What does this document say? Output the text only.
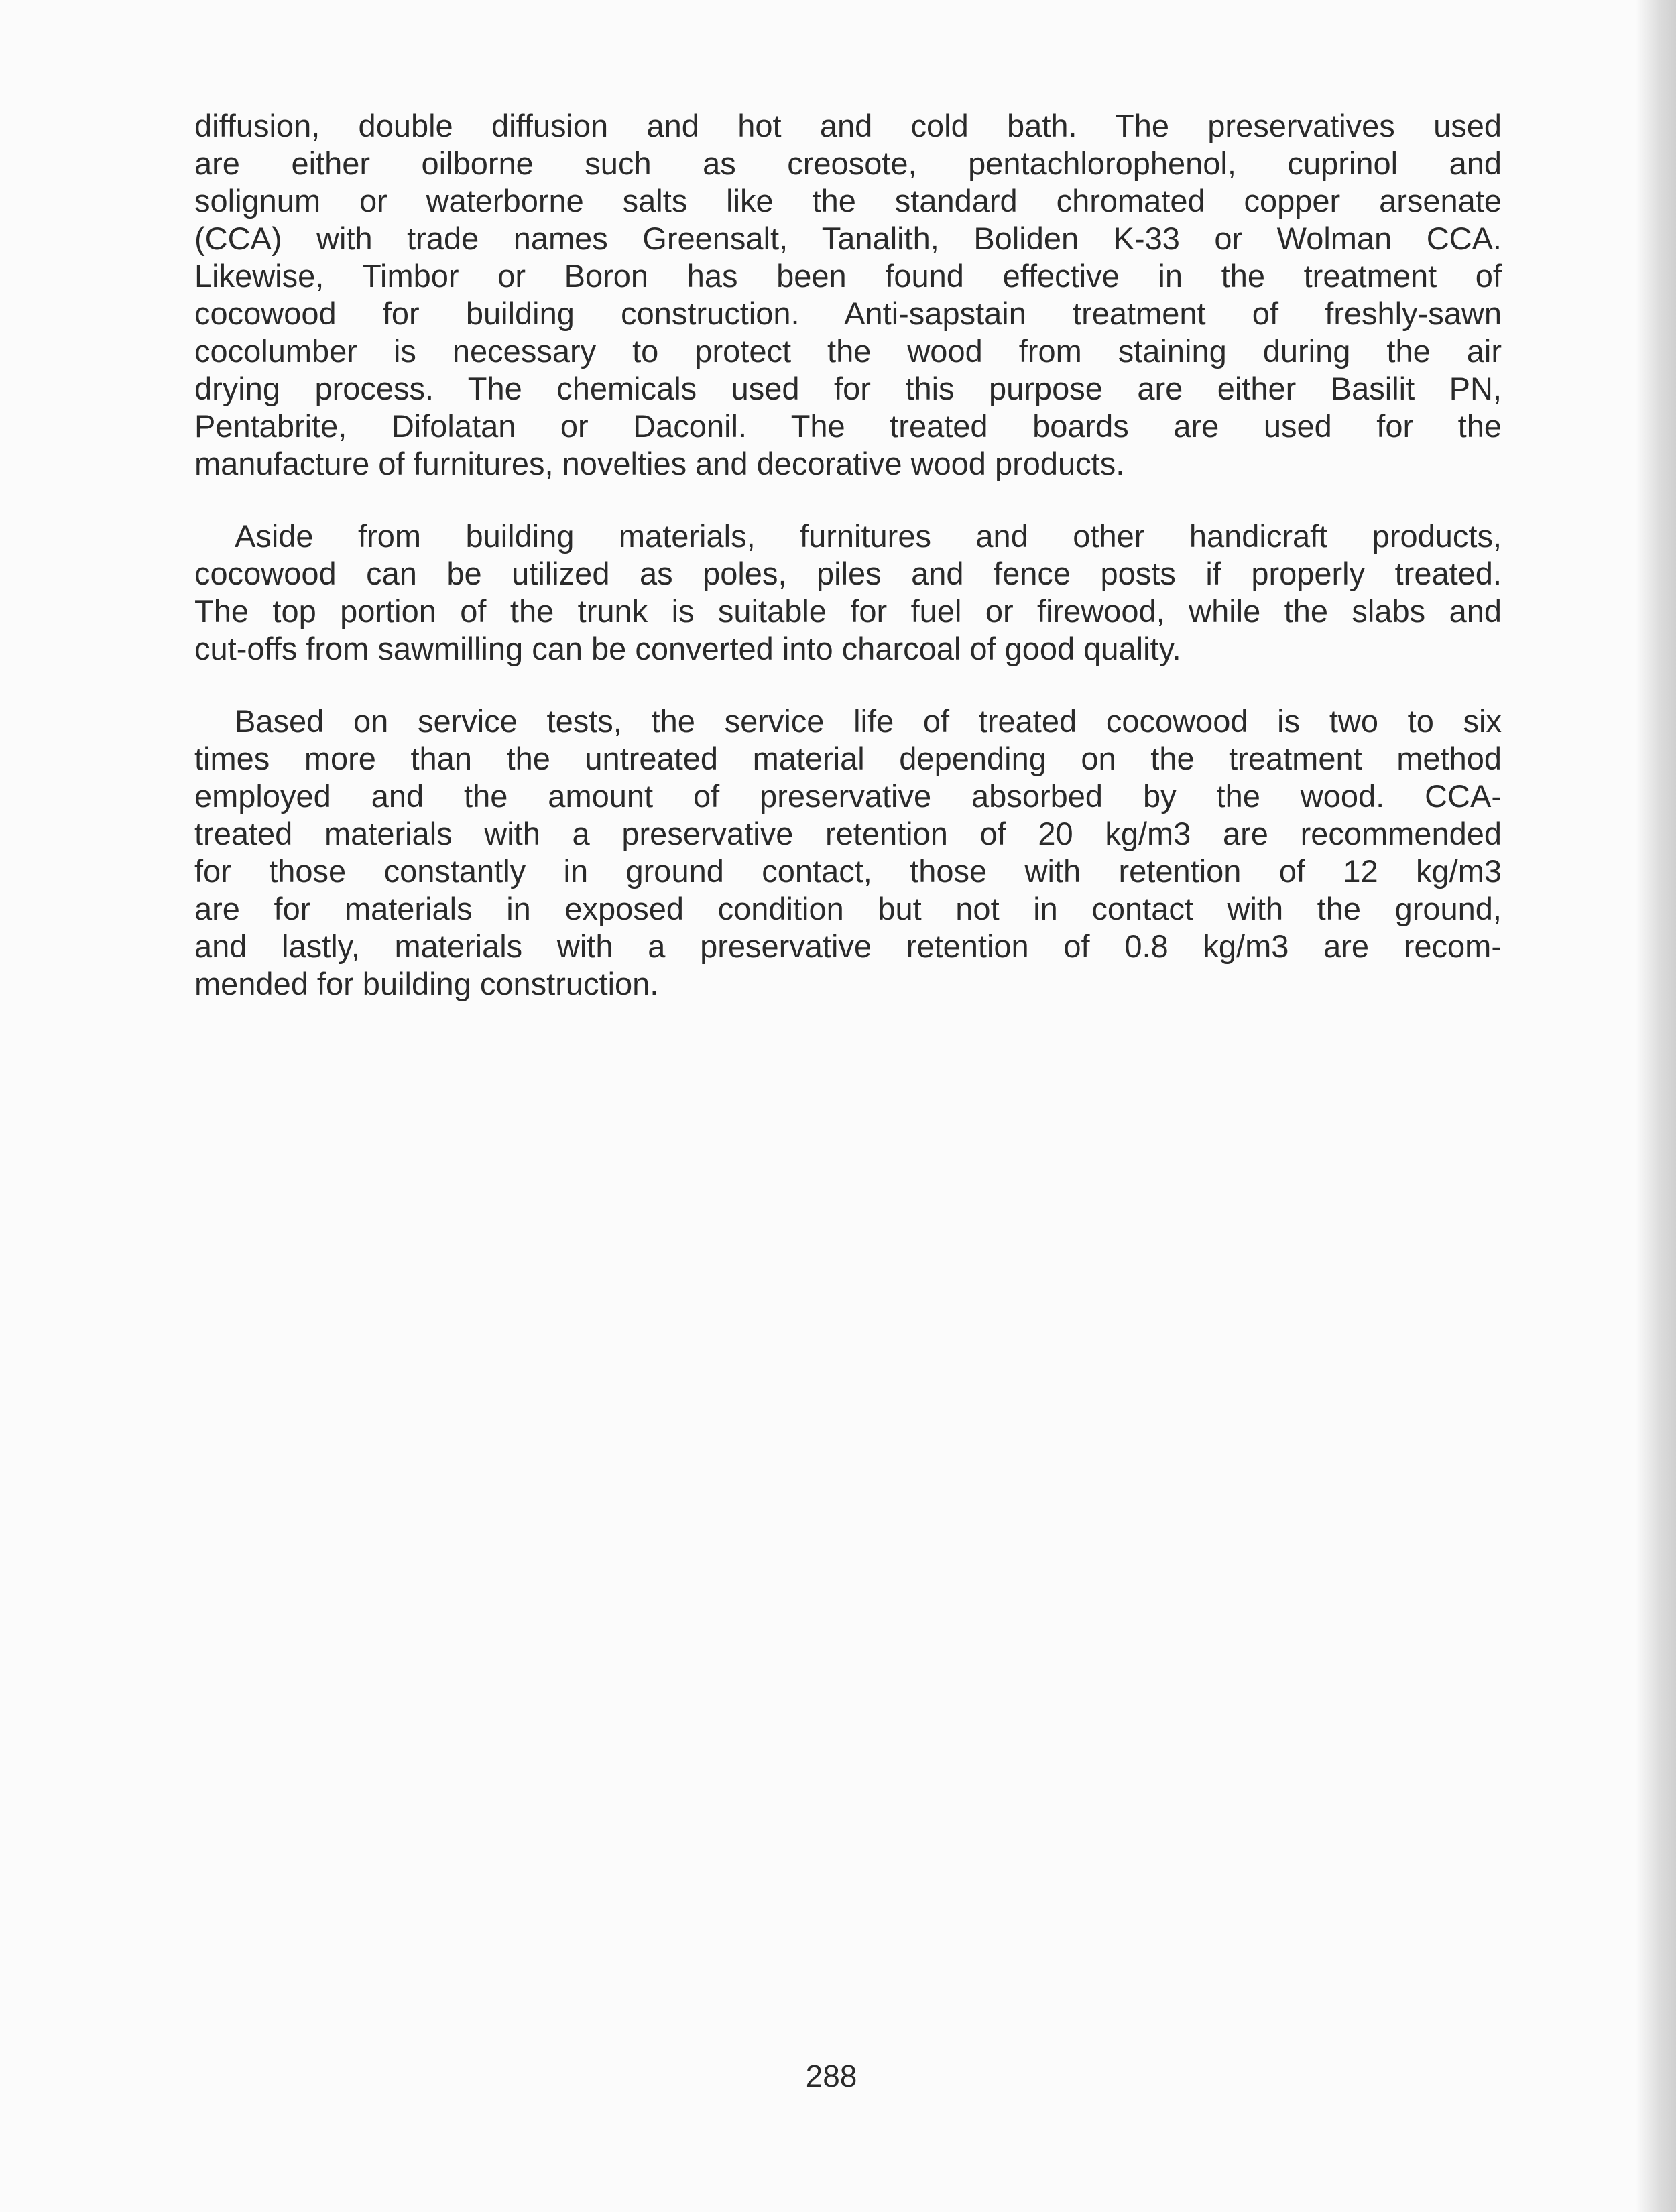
diffusion, double diffusion and hot and cold bath. The preservatives used
are either oilborne such as creosote, pentachlorophenol, cuprinol and
solignum or waterborne salts like the standard chromated copper arsenate
(CCA) with trade names Greensalt, Tanalith, Boliden K-33 or Wolman CCA.
Likewise, Timbor or Boron has been found effective in the treatment of
cocowood for building construction. Anti-sapstain treatment of freshly-sawn
cocolumber is necessary to protect the wood from staining during the air
drying process. The chemicals used for this purpose are either Basilit PN,
Pentabrite, Difolatan or Daconil. The treated boards are used for the
manufacture of furnitures, novelties and decorative wood products.
Aside from building materials, furnitures and other handicraft products,
cocowood can be utilized as poles, piles and fence posts if properly treated.
The top portion of the trunk is suitable for fuel or firewood, while the slabs and
cut-offs from sawmilling can be converted into charcoal of good quality.
Based on service tests, the service life of treated cocowood is two to six
times more than the untreated material depending on the treatment method
employed and the amount of preservative absorbed by the wood. CCA-
treated materials with a preservative retention of 20 kg/m3 are recommended
for those constantly in ground contact, those with retention of 12 kg/m3
are for materials in exposed condition but not in contact with the ground,
and lastly, materials with a preservative retention of 0.8 kg/m3 are recom-
mended for building construction.
288
